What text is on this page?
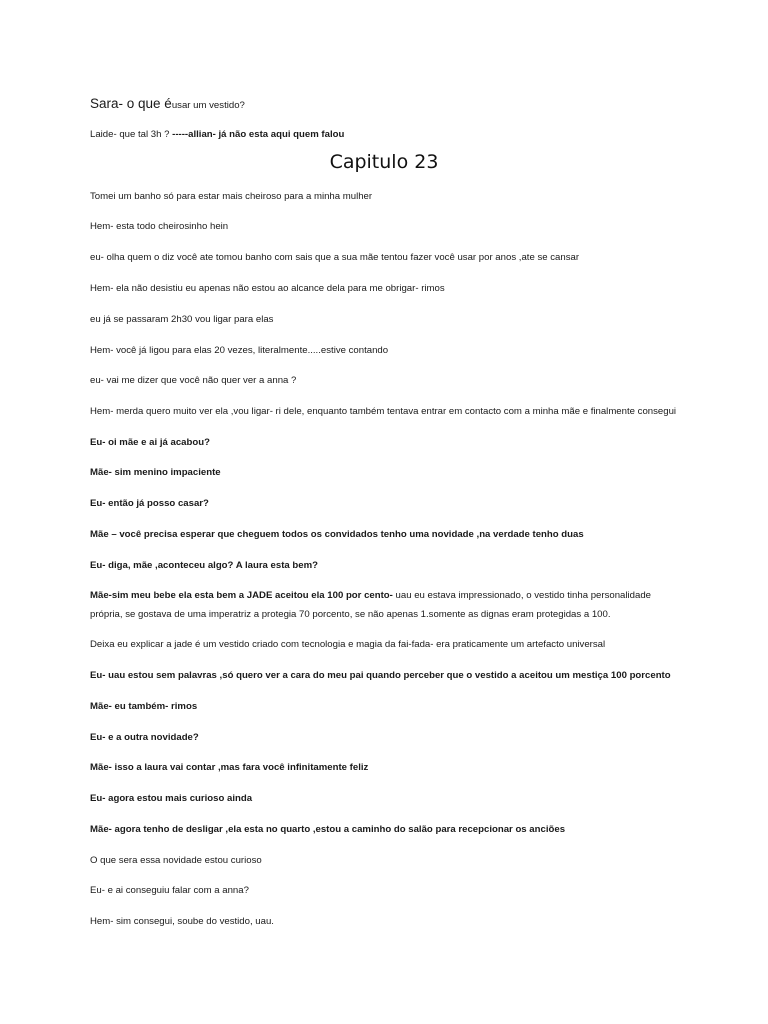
Sara- o que éusar um vestido?
Laide- que tal 3h ? -----allian- já não esta aqui quem falou
Capitulo 23
Tomei um banho só para estar mais cheiroso para a minha mulher
Hem- esta todo cheirosinho hein
eu- olha quem o diz você ate tomou banho com sais que a sua mãe tentou fazer você usar por anos ,ate se cansar
Hem- ela não desistiu eu apenas não estou ao alcance dela para me obrigar- rimos
eu já se passaram 2h30 vou ligar para elas
Hem- você já ligou para elas 20 vezes, literalmente.....estive contando
eu- vai me dizer que você não quer ver a anna ?
Hem- merda quero muito ver ela ,vou ligar- ri dele, enquanto também tentava entrar em contacto com a minha mãe e finalmente consegui
Eu- oi mãe e ai já acabou?
Mãe- sim menino impaciente
Eu- então já posso casar?
Mãe – você precisa esperar que cheguem todos os convidados tenho uma novidade ,na verdade tenho duas
Eu- diga, mãe ,aconteceu algo? A laura esta bem?
Mãe-sim meu bebe ela esta bem a JADE aceitou ela 100 por cento- uau eu estava impressionado, o vestido tinha personalidade própria, se gostava de uma imperatriz a protegia 70 porcento, se não apenas 1.somente as dignas eram protegidas a 100.
Deixa eu explicar a jade é um vestido criado com tecnologia e magia da fai-fada- era praticamente um artefacto universal
Eu- uau estou sem palavras ,só quero ver a cara do meu pai quando perceber que o vestido a aceitou um mestiça 100 porcento
Mãe- eu também- rimos
Eu- e a outra novidade?
Mãe- isso a laura vai contar ,mas fara você infinitamente feliz
Eu- agora estou mais curioso ainda
Mãe- agora tenho de desligar ,ela esta no quarto ,estou a caminho do salão para recepcionar os anciões
O que sera essa novidade estou curioso
Eu- e ai conseguiu falar com a anna?
Hem- sim consegui, soube do vestido, uau.
